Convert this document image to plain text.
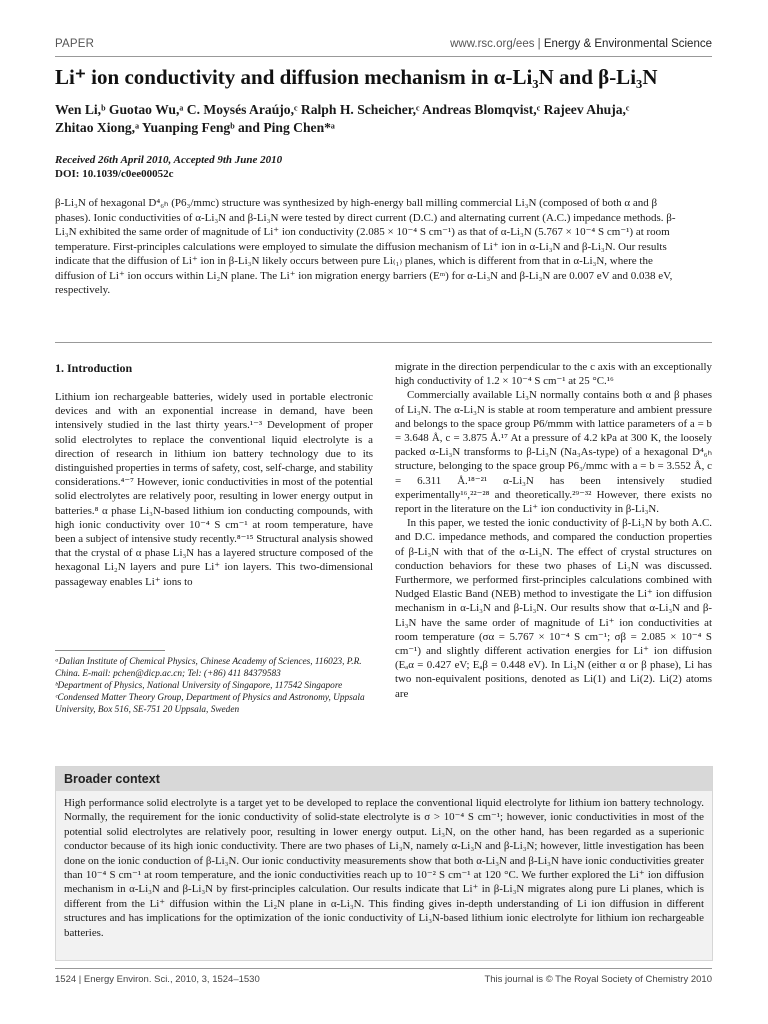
PAPER	www.rsc.org/ees | Energy & Environmental Science
Li⁺ ion conductivity and diffusion mechanism in α-Li₃N and β-Li₃N
Wen Li,ᵇ Guotao Wu,ᵃ C. Moysés Araújo,ᶜ Ralph H. Scheicher,ᶜ Andreas Blomqvist,ᶜ Rajeev Ahuja,ᶜ
Zhitao Xiong,ᵃ Yuanping Fengᵇ and Ping Chen*ᵃ
Received 26th April 2010, Accepted 9th June 2010
DOI: 10.1039/c0ee00052c

β-Li₃N of hexagonal D⁴₆ₕ (P6₃/mmc) structure was synthesized by high-energy ball milling commercial Li₃N (composed of both α and β phases). Ionic conductivities of α-Li₃N and β-Li₃N were tested by direct current (D.C.) and alternating current (A.C.) impedance methods. β-Li₃N exhibited the same order of magnitude of Li⁺ ion conductivity (2.085 × 10⁻⁴ S cm⁻¹) as that of α-Li₃N (5.767 × 10⁻⁴ S cm⁻¹) at room temperature. First-principles calculations were employed to simulate the diffusion mechanism of Li⁺ ion in α-Li₃N and β-Li₃N. Our results indicate that the diffusion of Li⁺ ion in β-Li₃N likely occurs between pure Li₍₁₎ planes, which is different from that in α-Li₃N, where the diffusion of Li⁺ ion occurs within Li₂N plane. The Li⁺ ion migration energy barriers (Eᵐ) for α-Li₃N and β-Li₃N are 0.007 eV and 0.038 eV, respectively.

1. Introduction

Lithium ion rechargeable batteries, widely used in portable electronic devices and with an exponential increase in demand, have been intensively studied in the last thirty years.¹⁻³ Development of proper solid electrolytes to replace the conventional liquid electrolyte is a direction of research in lithium ion battery technology due to its distinguished properties in terms of safety, cost, self-charge, and stability considerations.⁴⁻⁷ However, ionic conductivities in most of the potential solid electrolytes are relatively poor, resulting in lower energy output in batteries.⁸ α phase Li₃N-based lithium ion conducting compounds, with high ionic conductivity over 10⁻⁴ S cm⁻¹ at room temperature, have been a subject of intensive study recently.⁸⁻¹⁵ Structural analysis showed that the crystal of α phase Li₃N has a layered structure composed of the hexagonal Li₂N layers and pure Li⁺ ion layers. This two-dimensional passageway enables Li⁺ ions to

ᵃDalian Institute of Chemical Physics, Chinese Academy of Sciences, 116023, P.R. China. E-mail: pchen@dicp.ac.cn; Tel: (+86) 411 84379583

ᵇDepartment of Physics, National University of Singapore, 117542 Singapore

ᶜCondensed Matter Theory Group, Department of Physics and Astronomy, Uppsala University, Box 516, SE-751 20 Uppsala, Sweden

migrate in the direction perpendicular to the c axis with an exceptionally high conductivity of 1.2 × 10⁻⁴ S cm⁻¹ at 25 °C.¹⁶

Commercially available Li₃N normally contains both α and β phases of Li₃N. The α-Li₃N is stable at room temperature and ambient pressure and belongs to the space group P6/mmm with lattice parameters of a = b = 3.648 Å, c = 3.875 Å.¹⁷ At a pressure of 4.2 kPa at 300 K, the loosely packed α-Li₃N transforms to β-Li₃N (Na₃As-type) of a hexagonal D⁴₆ₕ structure, belonging to the space group P6₃/mmc with a = b = 3.552 Å, c = 6.311 Å.¹⁸⁻²¹ α-Li₃N has been intensively studied experimentally¹⁶,²²⁻²⁸ and theoretically.²⁹⁻³² However, there exists no report in the literature on the Li⁺ ion conductivity in β-Li₃N.

In this paper, we tested the ionic conductivity of β-Li₃N by both A.C. and D.C. impedance methods, and compared the conduction properties of β-Li₃N with that of the α-Li₃N. The effect of crystal structures on conduction behaviors for these two phases of Li₃N was discussed. Furthermore, we performed first-principles calculations combined with Nudged Elastic Band (NEB) method to investigate the Li⁺ ion diffusion mechanism in α-Li₃N and β-Li₃N. Our results show that α-Li₃N and β-Li₃N have the same order of magnitude of Li⁺ ion conductivities at room temperature (σα = 5.767 × 10⁻⁴ S cm⁻¹; σβ = 2.085 × 10⁻⁴ S cm⁻¹) and slightly different activation energies for Li⁺ ion diffusion (Eₐα = 0.427 eV; Eₐβ = 0.448 eV). In Li₃N (either α or β phase), Li has two non-equivalent positions, denoted as Li(1) and Li(2). Li(2) atoms are

Broader context
High performance solid electrolyte is a target yet to be developed to replace the conventional liquid electrolyte for lithium ion battery technology. Normally, the requirement for the ionic conductivity of solid-state electrolyte is σ > 10⁻⁴ S cm⁻¹; however, ionic conductivities in most of the potential solid electrolytes are relatively poor, resulting in lower energy output. Li₃N, on the other hand, has been regarded as a superionic conductor because of its high ionic conductivity. There are two phases of Li₃N, namely α-Li₃N and β-Li₃N; however, little investigation has been done on the ionic conduction of β-Li₃N. Our ionic conductivity measurements show that both α-Li₃N and β-Li₃N have ionic conductivities greater than 10⁻⁴ S cm⁻¹ at room temperature, and the ionic conductivities reach up to 10⁻² S cm⁻¹ at 120 °C. We further explored the Li⁺ ion diffusion mechanism in α-Li₃N and β-Li₃N by first-principles calculation. Our results indicate that Li⁺ in β-Li₃N migrates along pure Li planes, which is different from the Li⁺ diffusion within the Li₂N plane in α-Li₃N. This finding gives in-depth understanding of Li ion diffusion in different structures and has implications for the optimization of the ionic conductivity of Li₃N-based lithium ionic electrolyte for lithium ion rechargeable batteries.
1524 | Energy Environ. Sci., 2010, 3, 1524–1530	This journal is © The Royal Society of Chemistry 2010
